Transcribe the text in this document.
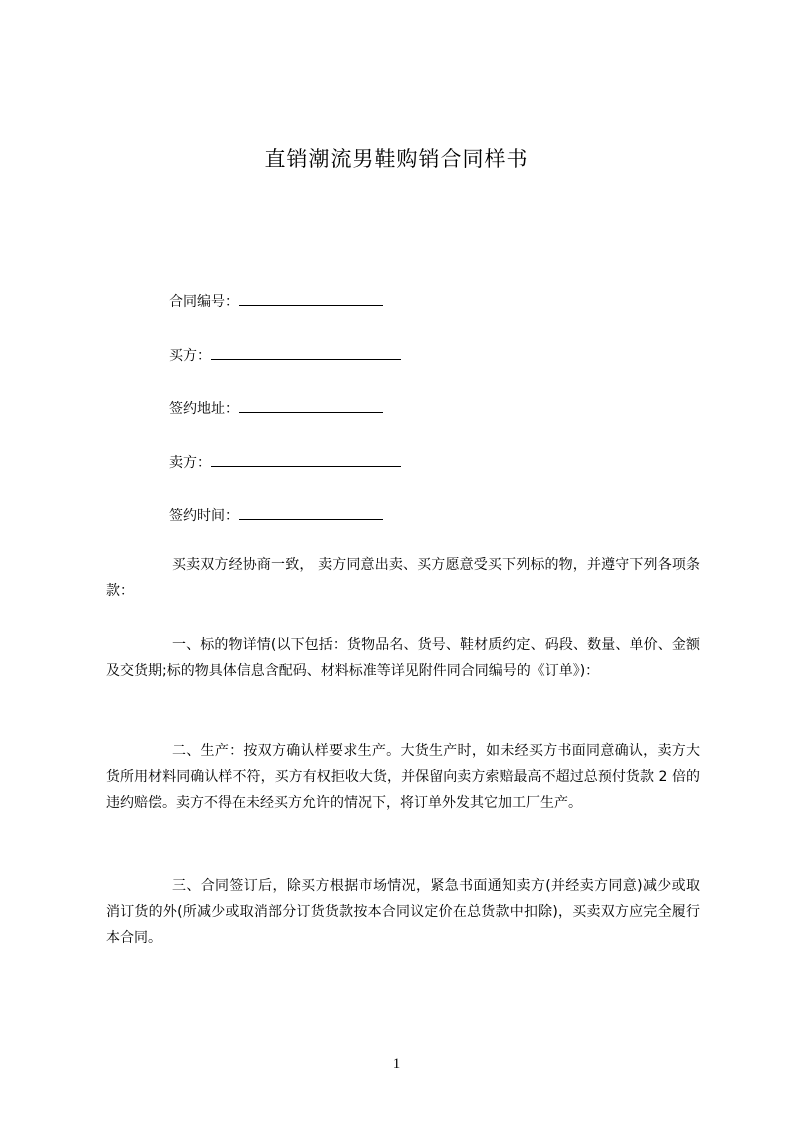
直销潮流男鞋购销合同样书
合同编号：
买方：
签约地址：
卖方：
签约时间：

买卖双方经协商一致， 卖方同意出卖、买方愿意受买下列标的物，并遵守下列各项条款：

一、标的物详情(以下包括：货物品名、货号、鞋材质约定、码段、数量、单价、金额及交货期;标的物具体信息含配码、材料标准等详见附件同合同编号的《订单》)：

二、生产：按双方确认样要求生产。大货生产时，如未经买方书面同意确认，卖方大货所用材料同确认样不符，买方有权拒收大货，并保留向卖方索赔最高不超过总预付货款 2 倍的违约赔偿。卖方不得在未经买方允许的情况下，将订单外发其它加工厂生产。

三、合同签订后，除买方根据市场情况，紧急书面通知卖方(并经卖方同意)减少或取消订货的外(所减少或取消部分订货货款按本合同议定价在总货款中扣除)，买卖双方应完全履行本合同。

1
